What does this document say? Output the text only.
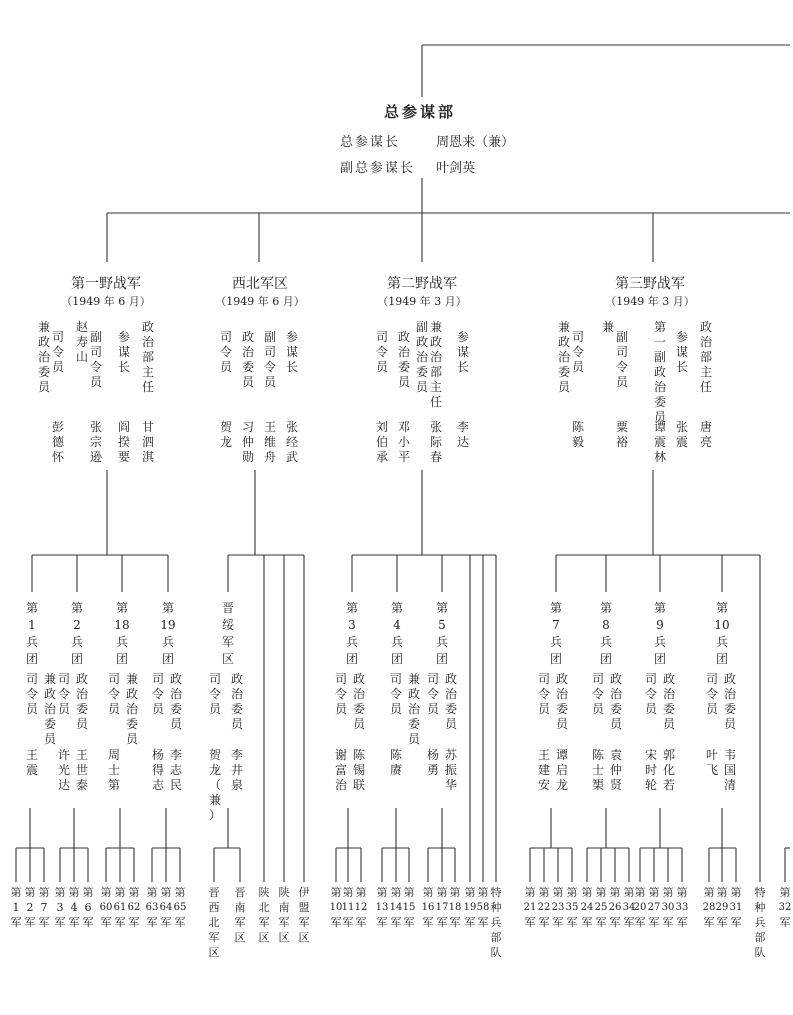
总参谋部
总参谋长	周恩来（兼）
副总参谋长 叶剑英
第一野战军
（1949 年 6 月）
西北军区
（1949 年 6 月）
第二野战军
（1949 年 3 月）
第三野战军
（1949 年 3 月）
司
令
员
兼
政
治
委
员
彭
德
怀
副
司
令
员
赵
寿
山
张
宗
逊
参
谋
长
阎
揆
要
政
治
部
主
任
甘
泗
淇
司
令
员
贺
龙
政
治
委
员
习
仲
勋
副
司
令
员
王
维
舟
参
谋
长
张
经
武
司
令
员
刘
伯
承
政
治
委
员
邓
小
平
兼
政
治
部
主
任
副
政
治
委
员
张
际
春
参
谋
长
李
达
司
令
员
兼
政
治
委
员
陈
毅
副
司
令
员
兼
粟
裕
第
一
副
政
治
委
员
谭
震
林
参
谋
长
张
震
政
治
部
主
任
唐
亮
第
1
兵
团
第
2
兵
团
第
18
兵
团
第
19
兵
团
晋
绥
军
区
第
3
兵
团
第
4
兵
团
第
5
兵
团
第
7
兵
团
第
8
兵
团
第
9
兵
团
第
10
兵
团
司
令
员
兼
政
治
委
员
王
震
司
令
员
许
光
达
政
治
委
员
王
世
泰
司
令
员
兼
政
治
委
员
周
士
第
司
令
员
杨
得
志
政
治
委
员
李
志
民
司
令
员
贺
龙
（
兼
）
政
治
委
员
李
井
泉
司
令
员
谢
富
治
政
治
委
员
陈
锡
联
司
令
员
兼
政
治
委
员
陈
赓
司
令
员
杨
勇
政
治
委
员
苏
振
华
司
令
员
王
建
安
政
治
委
员
谭
启
龙
司
令
员
陈
士
榘
政
治
委
员
袁
仲
贤
司
令
员
宋
时
轮
政
治
委
员
郭
化
若
司
令
员
叶
飞
政
治
委
员
韦
国
清
第
1
军
第
2
军
第
7
军
第
3
军
第
4
军
第
6
军
第
60
军
第
61
军
第
62
军
第
63
军
第
64
军
第
65
军
晋
西
北
军
区
晋
南
军
区
陕
北
军
区
陕
南
军
区
伊
盟
军
区
第
10
军
第
11
军
第
12
军
第
13
军
第
14
军
第
15
军
第
16
军
第
17
军
第
18
军
第
19
军
第
58
军
特
种
兵
部
队
第
21
军
第
22
军
第
23
军
第
35
军
第
24
军
第
25
军
第
26
军
第
34
军
第
20
军
第
27
军
第
30
军
第
33
军
第
28
军
第
29
军
第
31
军
特
种
兵
部
队
第
32
军
